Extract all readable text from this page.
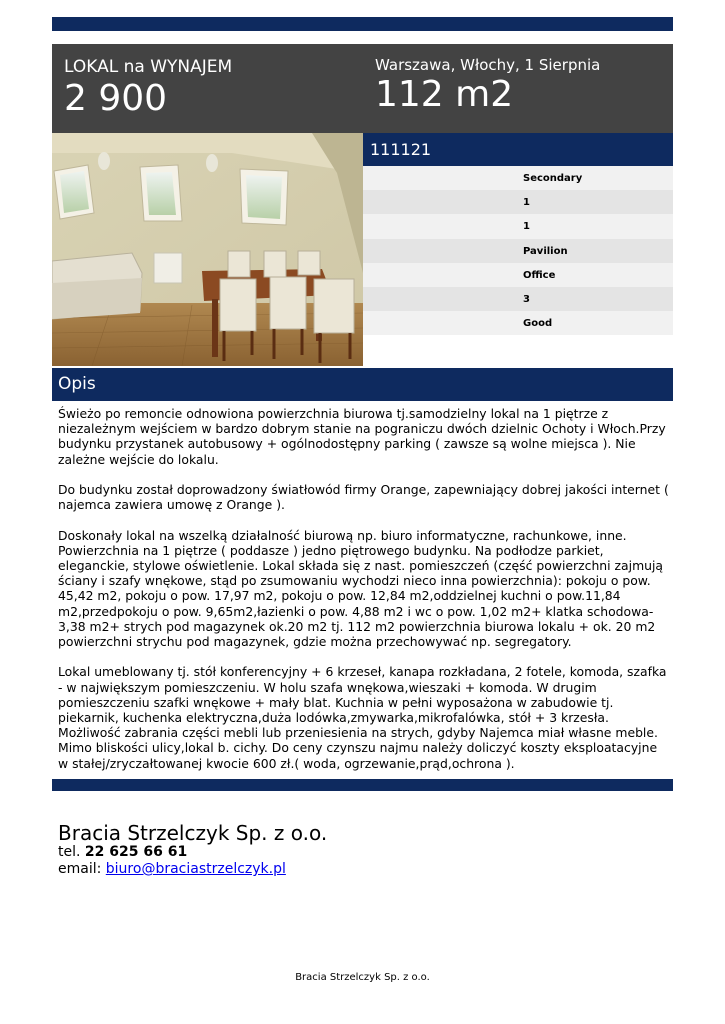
LOKAL na WYNAJEM
2 900
Warszawa, Włochy, 1 Sierpnia
112 m2
111121
Secondary
1
1
Pavilion
Office
3
Good
Opis

Świeżo po remoncie odnowiona powierzchnia biurowa tj.samodzielny lokal na 1 piętrze z niezależnym wejściem w bardzo dobrym stanie na pograniczu dwóch dzielnic Ochoty i Włoch.Przy budynku przystanek autobusowy + ogólnodostępny parking ( zawsze są wolne miejsca ). Nie zależne wejście do lokalu.

Do budynku został doprowadzony światłowód firmy Orange, zapewniający dobrej jakości internet ( najemca zawiera umowę z Orange ).

Doskonały lokal na wszelką działalność biurową np. biuro informatyczne, rachunkowe, inne. Powierzchnia na 1 piętrze ( poddasze ) jedno piętrowego budynku. Na podłodze parkiet, eleganckie, stylowe oświetlenie. Lokal składa się z nast. pomieszczeń (część powierzchni zajmują ściany i szafy wnękowe, stąd po zsumowaniu wychodzi nieco inna powierzchnia): pokoju o pow. 45,42 m2, pokoju o pow. 17,97 m2, pokoju o pow. 12,84 m2,oddzielnej kuchni o pow.11,84 m2,przedpokoju o pow. 9,65m2,łazienki o pow. 4,88 m2 i wc o pow. 1,02 m2+ klatka schodowa-3,38 m2+ strych pod magazynek ok.20 m2 tj. 112 m2 powierzchnia biurowa lokalu + ok. 20 m2 powierzchni strychu pod magazynek, gdzie można przechowywać np. segregatory.

Lokal umeblowany tj. stół konferencyjny + 6 krzeseł, kanapa rozkładana, 2 fotele, komoda, szafka - w największym pomieszczeniu. W holu szafa wnękowa,wieszaki + komoda. W drugim pomieszczeniu szafki wnękowe + mały blat. Kuchnia w pełni wyposażona w zabudowie tj. piekarnik, kuchenka elektryczna,duża lodówka,zmywarka,mikrofalówka, stół + 3 krzesła. Możliwość zabrania części mebli lub przeniesienia na strych, gdyby Najemca miał własne meble. Mimo bliskości ulicy,lokal b. cichy. Do ceny czynszu najmu należy doliczyć koszty eksploatacyjne w stałej/zryczałtowanej kwocie 600 zł.( woda, ogrzewanie,prąd,ochrona ).

Bracia Strzelczyk Sp. z o.o.
tel. 22 625 66 61
email: biuro@braciastrzelczyk.pl
Bracia Strzelczyk Sp. z o.o.
